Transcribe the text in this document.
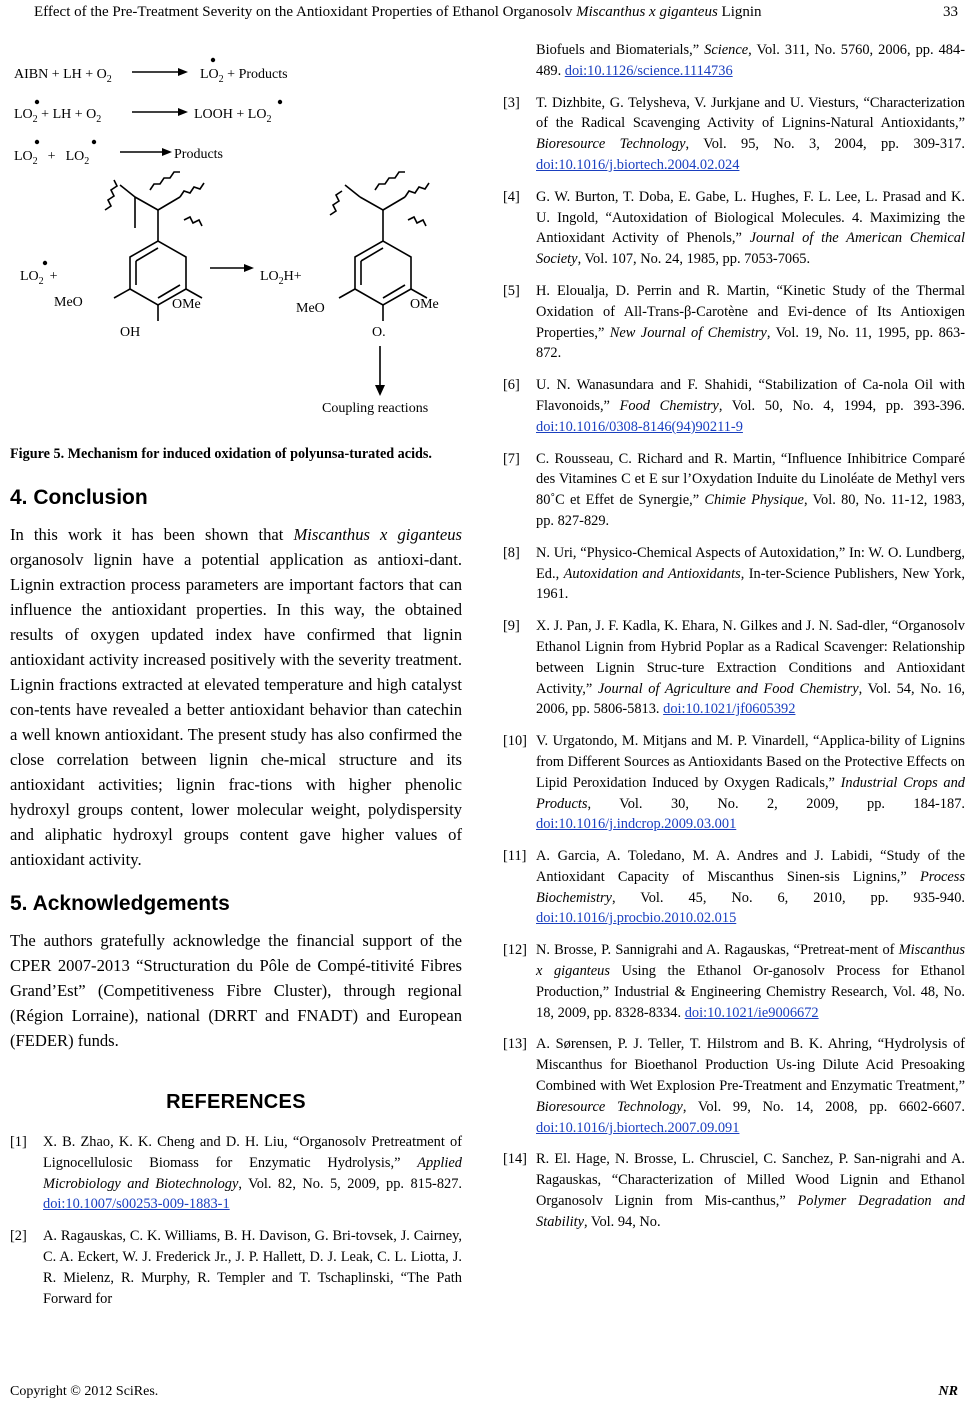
Effect of the Pre-Treatment Severity on the Antioxidant Properties of Ethanol Organosolv Miscanthus x giganteus Lignin	33
AIBN + LH + $O_2$	$LO_2$ + Products
$LO_2$ + LH + $O_2$	LOOH + $LO_2$
$LO_2 + LO_2$	Products
$LO_2$ +
MeO	OMe
OH
$LO_2H+$
MeO	OMe
O.
Coupling reactions
Figure 5. Mechanism for induced oxidation of polyunsa-turated acids.
4. Conclusion

In this work it has been shown that Miscanthus x giganteus organosolv lignin have a potential application as antioxi-dant. Lignin extraction process parameters are important factors that can influence the antioxidant properties. In this way, the obtained results of oxygen updated index have confirmed that lignin antioxidant activity increased positively with the severity treatment. Lignin fractions extracted at elevated temperature and high catalyst con-tents have revealed a better antioxidant behavior than catechin a well known antioxidant. The present study has also confirmed the close correlation between lignin che-mical structure and its antioxidant activities; lignin frac-tions with higher phenolic hydroxyl groups content, lower molecular weight, polydispersity and aliphatic hydroxyl groups content gave higher values of antioxidant activity.

5. Acknowledgements

The authors gratefully acknowledge the financial support of the CPER 2007-2013 “Structuration du Pôle de Compé-titivité Fibres Grand’Est” (Competitiveness Fibre Cluster), through regional (Région Lorraine), national (DRRT and FNADT) and European (FEDER) funds.

REFERENCES
[1] X. B. Zhao, K. K. Cheng and D. H. Liu, “Organosolv Pretreatment of Lignocellulosic Biomass for Enzymatic Hydrolysis,” Applied Microbiology and Biotechnology, Vol. 82, No. 5, 2009, pp. 815-827. doi:10.1007/s00253-009-1883-1
[2] A. Ragauskas, C. K. Williams, B. H. Davison, G. Bri-tovsek, J. Cairney, C. A. Eckert, W. J. Frederick Jr., J. P. Hallett, D. J. Leak, C. L. Liotta, J. R. Mielenz, R. Murphy, R. Templer and T. Tschaplinski, “The Path Forward for
Biofuels and Biomaterials,” Science, Vol. 311, No. 5760, 2006, pp. 484-489. doi:10.1126/science.1114736
[3] T. Dizhbite, G. Telysheva, V. Jurkjane and U. Viesturs, “Characterization of the Radical Scavenging Activity of Lignins-Natural Antioxidants,” Bioresource Technology, Vol. 95, No. 3, 2004, pp. 309-317. doi:10.1016/j.biortech.2004.02.024
[4] G. W. Burton, T. Doba, E. Gabe, L. Hughes, F. L. Lee, L. Prasad and K. U. Ingold, “Autoxidation of Biological Molecules. 4. Maximizing the Antioxidant Activity of Phenols,” Journal of the American Chemical Society, Vol. 107, No. 24, 1985, pp. 7053-7065.
[5] H. Eloualja, D. Perrin and R. Martin, “Kinetic Study of the Thermal Oxidation of All-Trans-β-Carotène and Evi-dence of Its Antioxigen Properties,” New Journal of Chemistry, Vol. 19, No. 11, 1995, pp. 863-872.
[6] U. N. Wanasundara and F. Shahidi, “Stabilization of Ca-nola Oil with Flavonoids,” Food Chemistry, Vol. 50, No. 4, 1994, pp. 393-396. doi:10.1016/0308-8146(94)90211-9
[7] C. Rousseau, C. Richard and R. Martin, “Influence Inhibitrice Comparé des Vitamines C et E sur l’Oxydation Induite du Linoléate de Methyl vers 80˚C et Effet de Synergie,” Chimie Physique, Vol. 80, No. 11-12, 1983, pp. 827-829.
[8] N. Uri, “Physico-Chemical Aspects of Autoxidation,” In: W. O. Lundberg, Ed., Autoxidation and Antioxidants, In-ter-Science Publishers, New York, 1961.
[9] X. J. Pan, J. F. Kadla, K. Ehara, N. Gilkes and J. N. Sad-dler, “Organosolv Ethanol Lignin from Hybrid Poplar as a Radical Scavenger: Relationship between Lignin Struc-ture Extraction Conditions and Antioxidant Activity,” Journal of Agriculture and Food Chemistry, Vol. 54, No. 16, 2006, pp. 5806-5813. doi:10.1021/jf0605392
[10] V. Urgatondo, M. Mitjans and M. P. Vinardell, “Applica-bility of Lignins from Different Sources as Antioxidants Based on the Protective Effects on Lipid Peroxidation Induced by Oxygen Radicals,” Industrial Crops and Products, Vol. 30, No. 2, 2009, pp. 184-187. doi:10.1016/j.indcrop.2009.03.001
[11] A. Garcia, A. Toledano, M. A. Andres and J. Labidi, “Study of the Antioxidant Capacity of Miscanthus Sinen-sis Lignins,” Process Biochemistry, Vol. 45, No. 6, 2010, pp. 935-940. doi:10.1016/j.procbio.2010.02.015
[12] N. Brosse, P. Sannigrahi and A. Ragauskas, “Pretreat-ment of Miscanthus x giganteus Using the Ethanol Or-ganosolv Process for Ethanol Production,” Industrial & Engineering Chemistry Research, Vol. 48, No. 18, 2009, pp. 8328-8334. doi:10.1021/ie9006672
[13] A. Sørensen, P. J. Teller, T. Hilstrom and B. K. Ahring, “Hydrolysis of Miscanthus for Bioethanol Production Us-ing Dilute Acid Presoaking Combined with Wet Explosion Pre-Treatment and Enzymatic Treatment,” Bioresource Technology, Vol. 99, No. 14, 2008, pp. 6602-6607. doi:10.1016/j.biortech.2007.09.091
[14] R. El. Hage, N. Brosse, L. Chrusciel, C. Sanchez, P. San-nigrahi and A. Ragauskas, “Characterization of Milled Wood Lignin and Ethanol Organosolv Lignin from Mis-canthus,” Polymer Degradation and Stability, Vol. 94, No.
Copyright © 2012 SciRes.	NR
